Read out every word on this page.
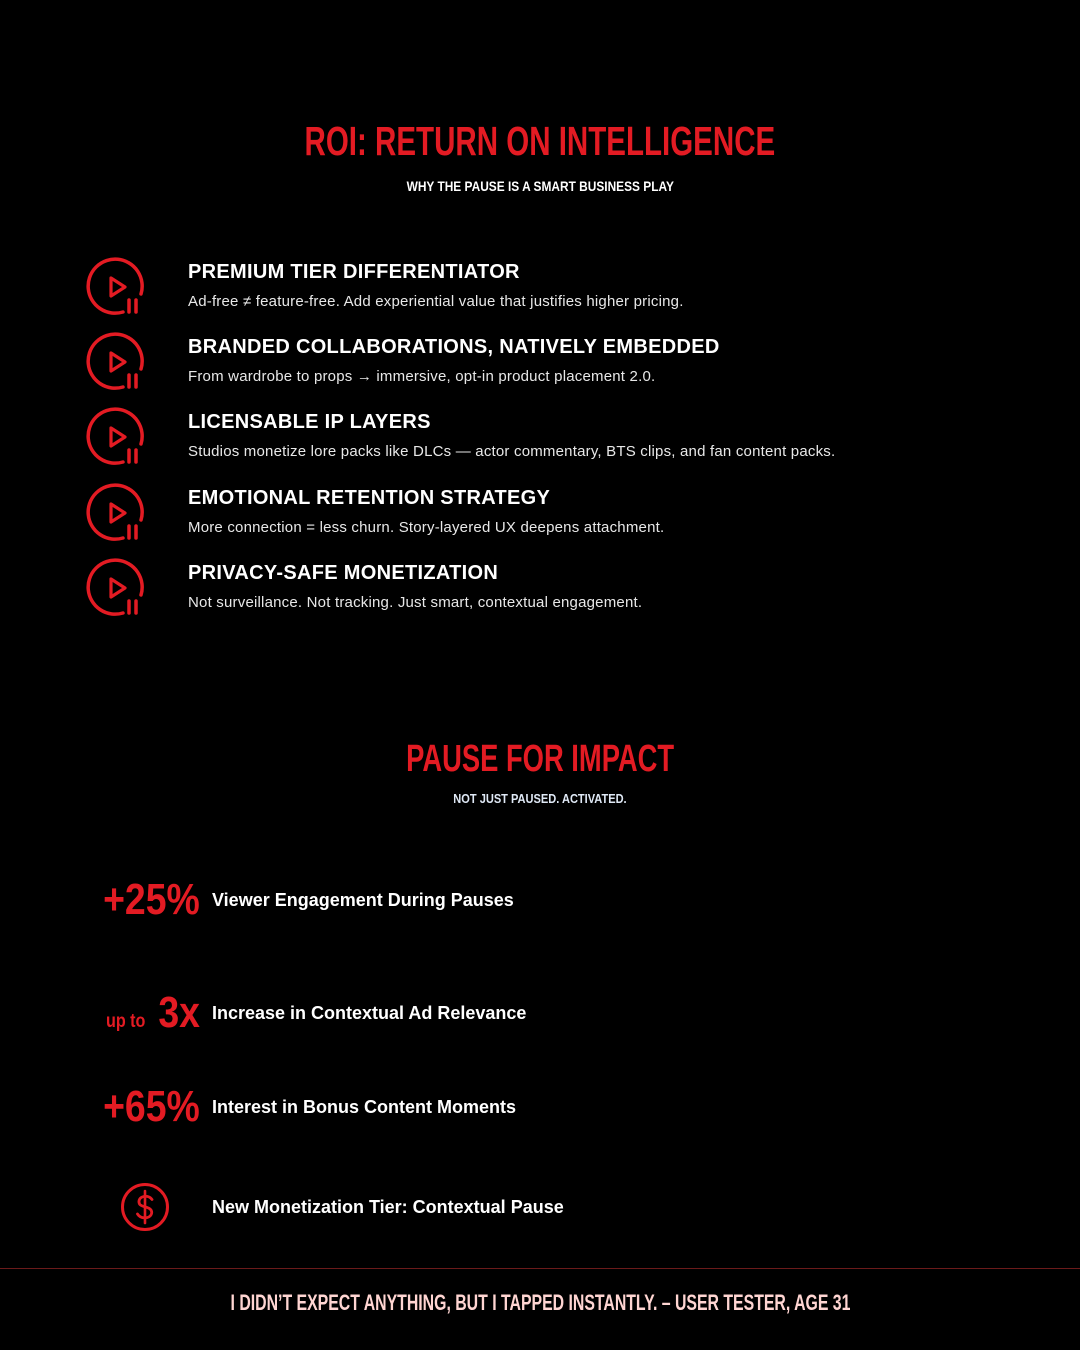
ROI: RETURN ON INTELLIGENCE
WHY THE PAUSE IS A SMART BUSINESS PLAY
PREMIUM TIER DIFFERENTIATOR
Ad-free ≠ feature-free. Add experiential value that justifies higher pricing.
BRANDED COLLABORATIONS, NATIVELY EMBEDDED
From wardrobe to props → immersive, opt-in product placement 2.0.
LICENSABLE IP LAYERS
Studios monetize lore packs like DLCs — actor commentary, BTS clips, and fan content packs.
EMOTIONAL RETENTION STRATEGY
More connection = less churn. Story-layered UX deepens attachment.
PRIVACY-SAFE MONETIZATION
Not surveillance. Not tracking. Just smart, contextual engagement.
PAUSE FOR IMPACT
NOT JUST PAUSED. ACTIVATED.
+25% Viewer Engagement During Pauses
up to 3x Increase in Contextual Ad Relevance
+65% Interest in Bonus Content Moments
New Monetization Tier: Contextual Pause
I DIDN’T EXPECT ANYTHING, BUT I TAPPED INSTANTLY. – USER TESTER, AGE 31
